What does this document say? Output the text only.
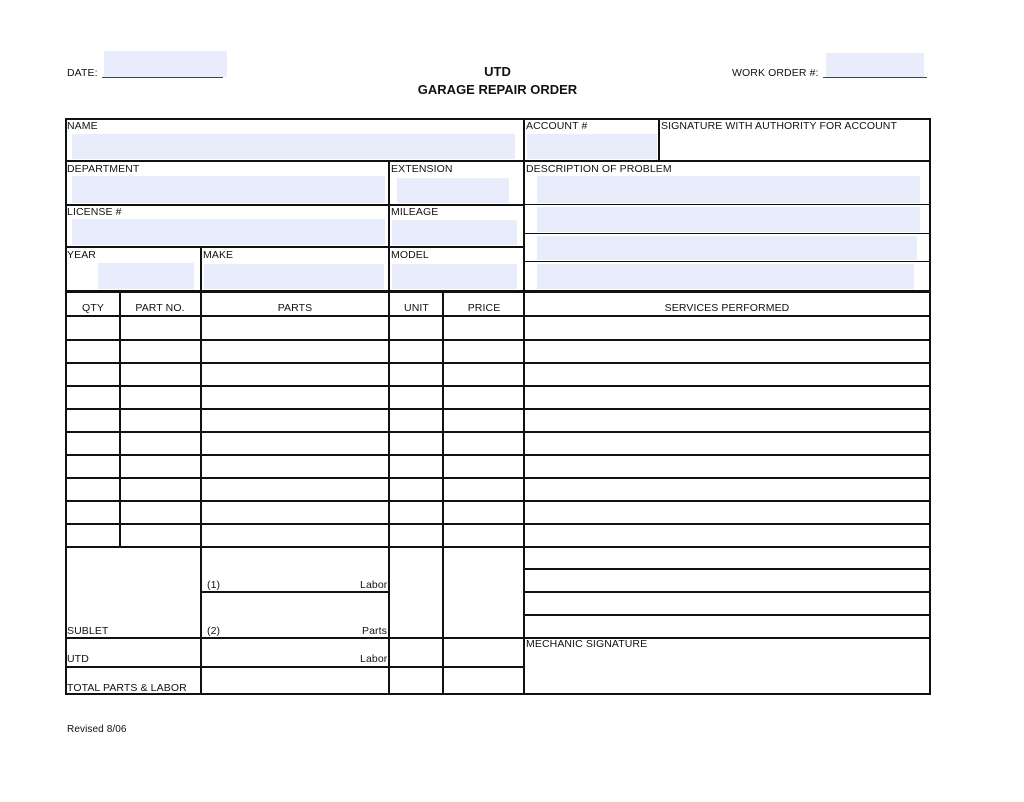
DATE:	UTD
GARAGE REPAIR ORDER
WORK ORDER #:
NAME	ACCOUNT #	SIGNATURE WITH AUTHORITY FOR ACCOUNT
DEPARTMENT	EXTENSION	DESCRIPTION OF PROBLEM
LICENSE #	MILEAGE
YEAR	MAKE	MODEL
QTY	PART NO.	PARTS	UNIT	PRICE	SERVICES PERFORMED
(1)	Labor
SUBLET	(2)	Parts
UTD	Labor
TOTAL PARTS & LABOR
MECHANIC SIGNATURE
Revised 8/06
